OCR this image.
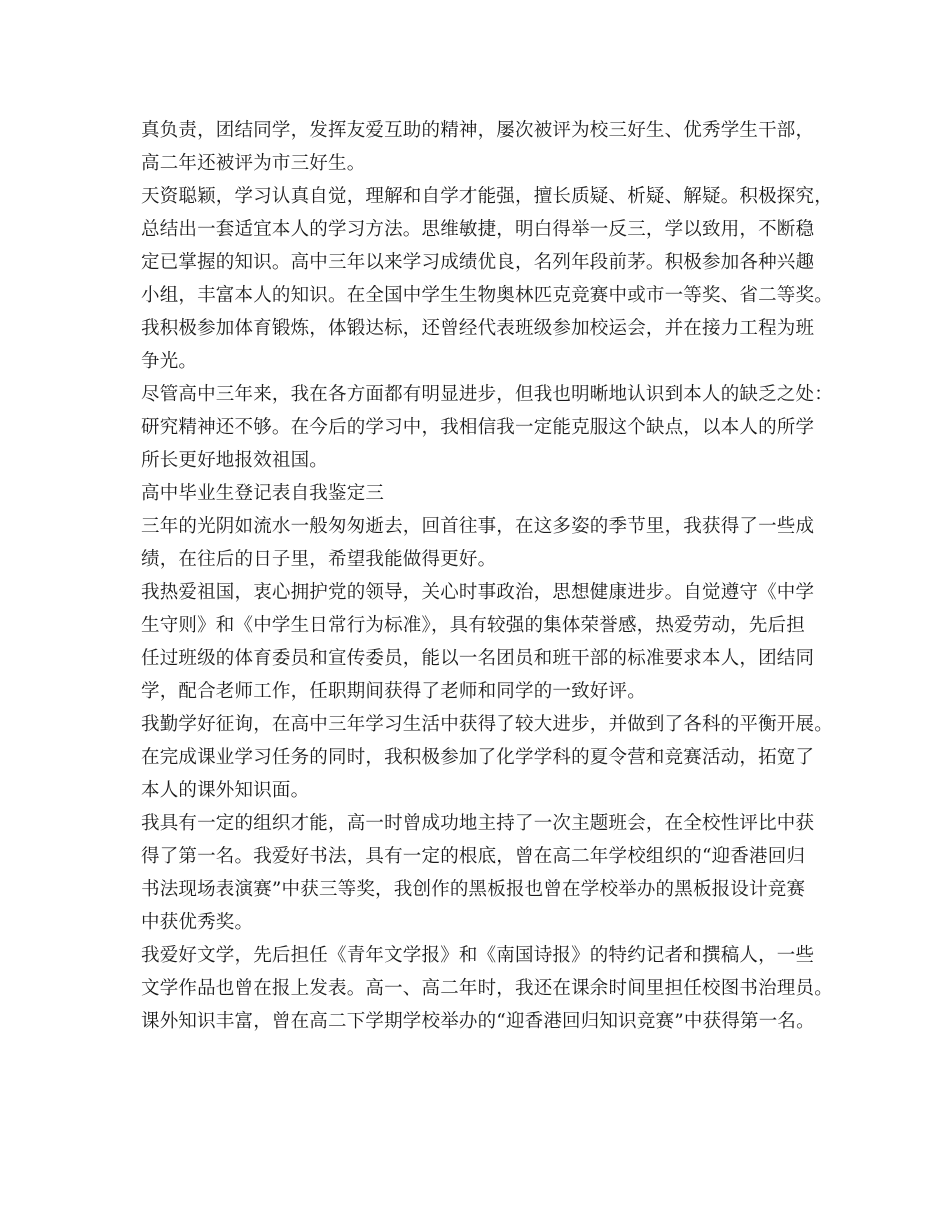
真负责，团结同学，发挥友爱互助的精神，屡次被评为校三好生、优秀学生干部，
高二年还被评为市三好生。
天资聪颖，学习认真自觉，理解和自学才能强，擅长质疑、析疑、解疑。积极探究，
总结出一套适宜本人的学习方法。思维敏捷，明白得举一反三，学以致用，不断稳
定已掌握的知识。高中三年以来学习成绩优良，名列年段前茅。积极参加各种兴趣
小组，丰富本人的知识。在全国中学生生物奥林匹克竞赛中或市一等奖、省二等奖。
我积极参加体育锻炼，体锻达标，还曾经代表班级参加校运会，并在接力工程为班
争光。
尽管高中三年来，我在各方面都有明显进步，但我也明晰地认识到本人的缺乏之处：
研究精神还不够。在今后的学习中，我相信我一定能克服这个缺点，以本人的所学
所长更好地报效祖国。
高中毕业生登记表自我鉴定三
三年的光阴如流水一般匆匆逝去，回首往事，在这多姿的季节里，我获得了一些成
绩，在往后的日子里，希望我能做得更好。
我热爱祖国，衷心拥护党的领导，关心时事政治，思想健康进步。自觉遵守《中学
生守则》和《中学生日常行为标准》，具有较强的集体荣誉感，热爱劳动，先后担
任过班级的体育委员和宣传委员，能以一名团员和班干部的标准要求本人，团结同
学，配合老师工作，任职期间获得了老师和同学的一致好评。
我勤学好征询，在高中三年学习生活中获得了较大进步，并做到了各科的平衡开展。
在完成课业学习任务的同时，我积极参加了化学学科的夏令营和竞赛活动，拓宽了
本人的课外知识面。
我具有一定的组织才能，高一时曾成功地主持了一次主题班会，在全校性评比中获
得了第一名。我爱好书法，具有一定的根底，曾在高二年学校组织的“迎香港回归
书法现场表演赛”中获三等奖，我创作的黑板报也曾在学校举办的黑板报设计竞赛
中获优秀奖。
我爱好文学，先后担任《青年文学报》和《南国诗报》的特约记者和撰稿人，一些
文学作品也曾在报上发表。高一、高二年时，我还在课余时间里担任校图书治理员。
课外知识丰富，曾在高二下学期学校举办的“迎香港回归知识竞赛”中获得第一名。
